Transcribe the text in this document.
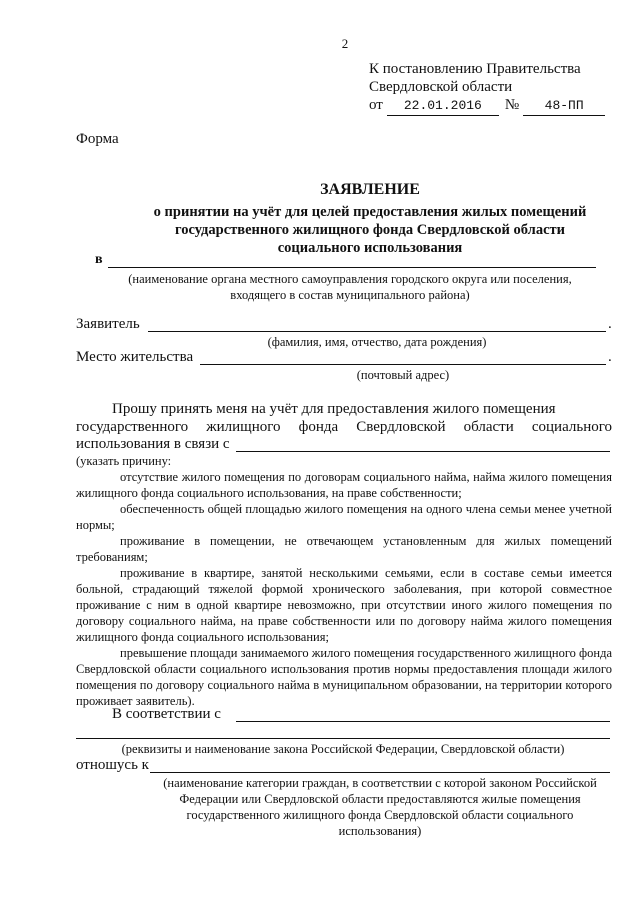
2
К постановлению Правительства
Свердловской области
от	22.01.2016	№	48-ПП
Форма
ЗАЯВЛЕНИЕ
о принятии на учёт для целей предоставления жилых помещений
государственного жилищного фонда Свердловской области
социального использования
в
(наименование органа местного самоуправления городского округа или поселения,
входящего в состав муниципального района)
Заявитель	.
(фамилия, имя, отчество, дата рождения)
Место жительства	.
(почтовый адрес)
Прошу принять меня на учёт для предоставления жилого помещения
государственного жилищного фонда Свердловской области социального
использования в связи с

(указать причину:

отсутствие жилого помещения по договорам социального найма, найма жилого помещения жилищного фонда социального использования, на праве собственности;

обеспеченность общей площадью жилого помещения на одного члена семьи менее учетной нормы;

проживание в помещении, не отвечающем установленным для жилых помещений требованиям;

проживание в квартире, занятой несколькими семьями, если в составе семьи имеется больной, страдающий тяжелой формой хронического заболевания, при которой совместное проживание с ним в одной квартире невозможно, при отсутствии иного жилого помещения по договору социального найма, на праве собственности или по договору найма жилого помещения жилищного фонда социального использования;

превышение площади занимаемого жилого помещения государственного жилищного фонда Свердловской области социального использования против нормы предоставления площади жилого помещения по договору социального найма в муниципальном образовании, на территории которого проживает заявитель).

В соответствии с
(реквизиты и наименование закона Российской Федерации, Свердловской области)
отношусь к
(наименование категории граждан, в соответствии с которой законом Российской
Федерации или Свердловской области предоставляются жилые помещения
государственного жилищного фонда Свердловской области социального
использования)
